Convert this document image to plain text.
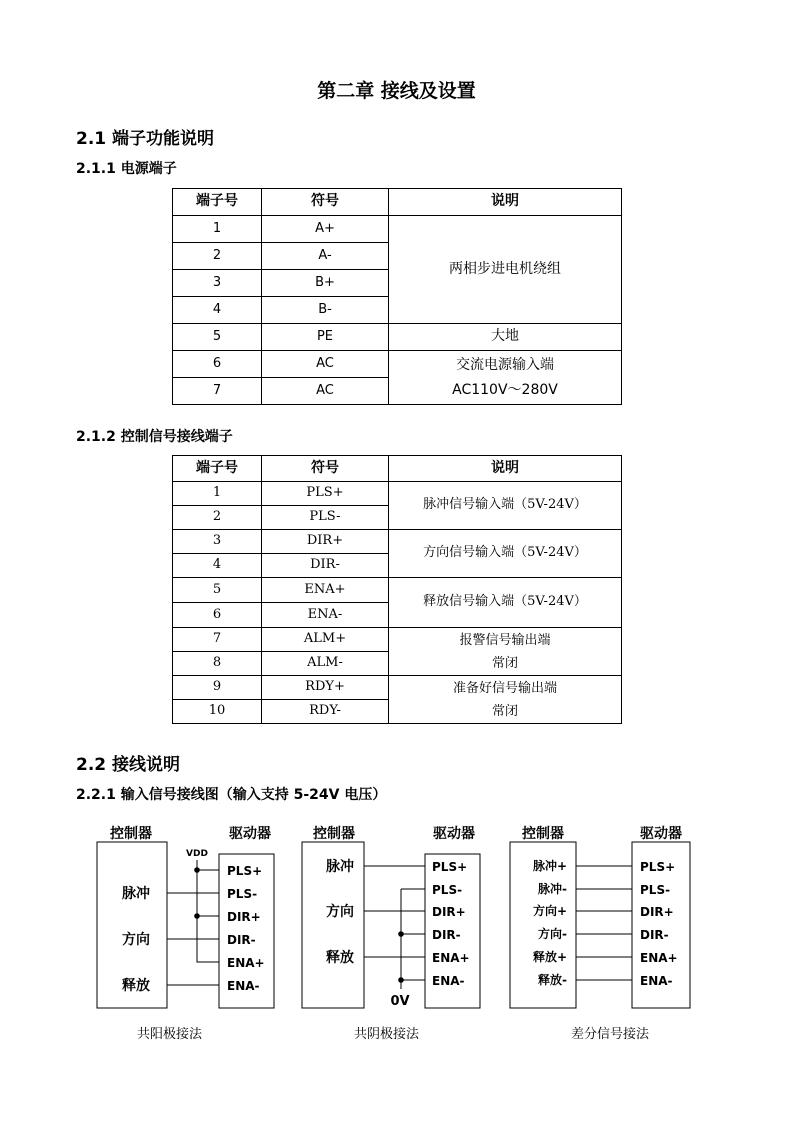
第二章 接线及设置
2.1 端子功能说明
2.1.1 电源端子
端子号	符号	说明
1	A+	两相步进电机绕组
2	A-	
3	B+	
4	B-	
5	PE	大地
6	AC	交流电源输入端
AC110V～280V

7	AC	
2.1.2 控制信号接线端子
端子号	符号	说明
1	PLS+	脉冲信号输入端（5V-24V）
2	PLS-	
3	DIR+	方向信号输入端（5V-24V）
4	DIR-	
5	ENA+	释放信号输入端（5V-24V）
6	ENA-	
7	ALM+	报警信号输出端
常闭

8	ALM-	
9	RDY+	准备好信号输出端
常闭

10	RDY-	
2.2 接线说明
2.2.1 输入信号接线图（输入支持 5-24V 电压）
控制器	驱动器	控制器	驱动器	控制器	驱动器
脉冲
方向
释放
脉冲
方向
释放
0V
VDD
脉冲+
脉冲-
方向+
方向-
释放+
释放-
PLS+
PLS-
DIR+
DIR-
ENA+
ENA-
PLS+
PLS-
DIR+
DIR-
ENA+
ENA-
PLS+
PLS-
DIR+
DIR-
ENA+
ENA-
共阳极接法	共阴极接法	差分信号接法
